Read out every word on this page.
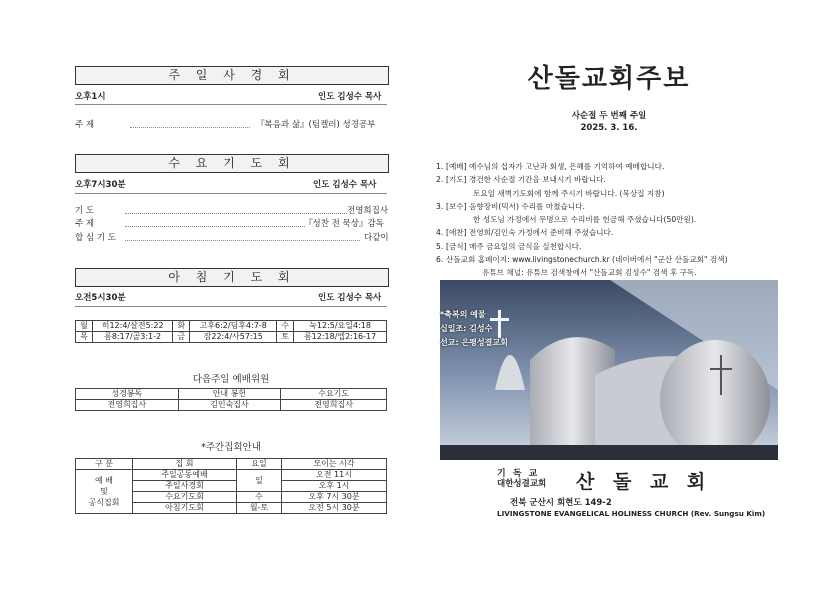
주 일 사 경 회
오후1시	인도 김성수 목사
주 제	『복음과 삶』(팀켈러) 성경공부
수 요 기 도 회
오후7시30분	인도 김성수 목사
기 도	전영희집사
주 제	『성찬 전 묵상』감독
합 심 기 도	다같이
아 침 기 도 회
오전5시30분	인도 김성수 목사
월	히12:4/살전5:22	화	고후6:2/딤후4:7-8	수	눅12:5/요일4:18
목	롬8:17/골3:1-2	금	잠22:4/사57:15	토	롬12:18/엡2:16-17
다음주일 예배위원
성경봉독	안내 봉헌	수요기도
전영희집사	김인숙집사	전영희집사
*주간집회안내
구 분	집 회	요일	모이는 시각

예 배
및
공식집회	주일공동예배	일	오전 11시
	주일사경회		오후 1시
	수요기도회	수	오후 7시 30분
	아침기도회	월-토	오전 5시 30분
산돌교회주보
사순절 두 번째 주일
2025. 3. 16.
1. [예배] 예수님의 십자가 고난과 회생, 은혜를 기억하여 예배합니다.
2. [기도] 경건한 사순절 기간을 보내시기 바랍니다.
토요일 새벽기도회에 함께 주시기 바랍니다. (묵상집 지참)
3. [보수] 음향장비(믹서) 수리를 마쳤습니다.
한 성도님 가정에서 무명으로 수리비를 헌금해 주셨습니다(50만원).
4. [애찬] 전영희/김인숙 가정에서 준비해 주셨습니다.
5. [금식] 매주 금요일의 금식을 실천합시다.
6. 산돌교회 홈페이지: www.livingstonechurch.kr (네이버에서 "군산 산돌교회" 검색)
유튜브 채널: 유튜브 검색창에서 "산돌교회 김성수" 검색 후 구독.
*축복의 예물
십일조: 김성수
선교: 은평성결교회
기 독 교
대한성결교회 산 돌 교 회
전북 군산시 회현도 149-2
LIVINGSTONE EVANGELICAL HOLINESS CHURCH (Rev. Sungsu Kim)
